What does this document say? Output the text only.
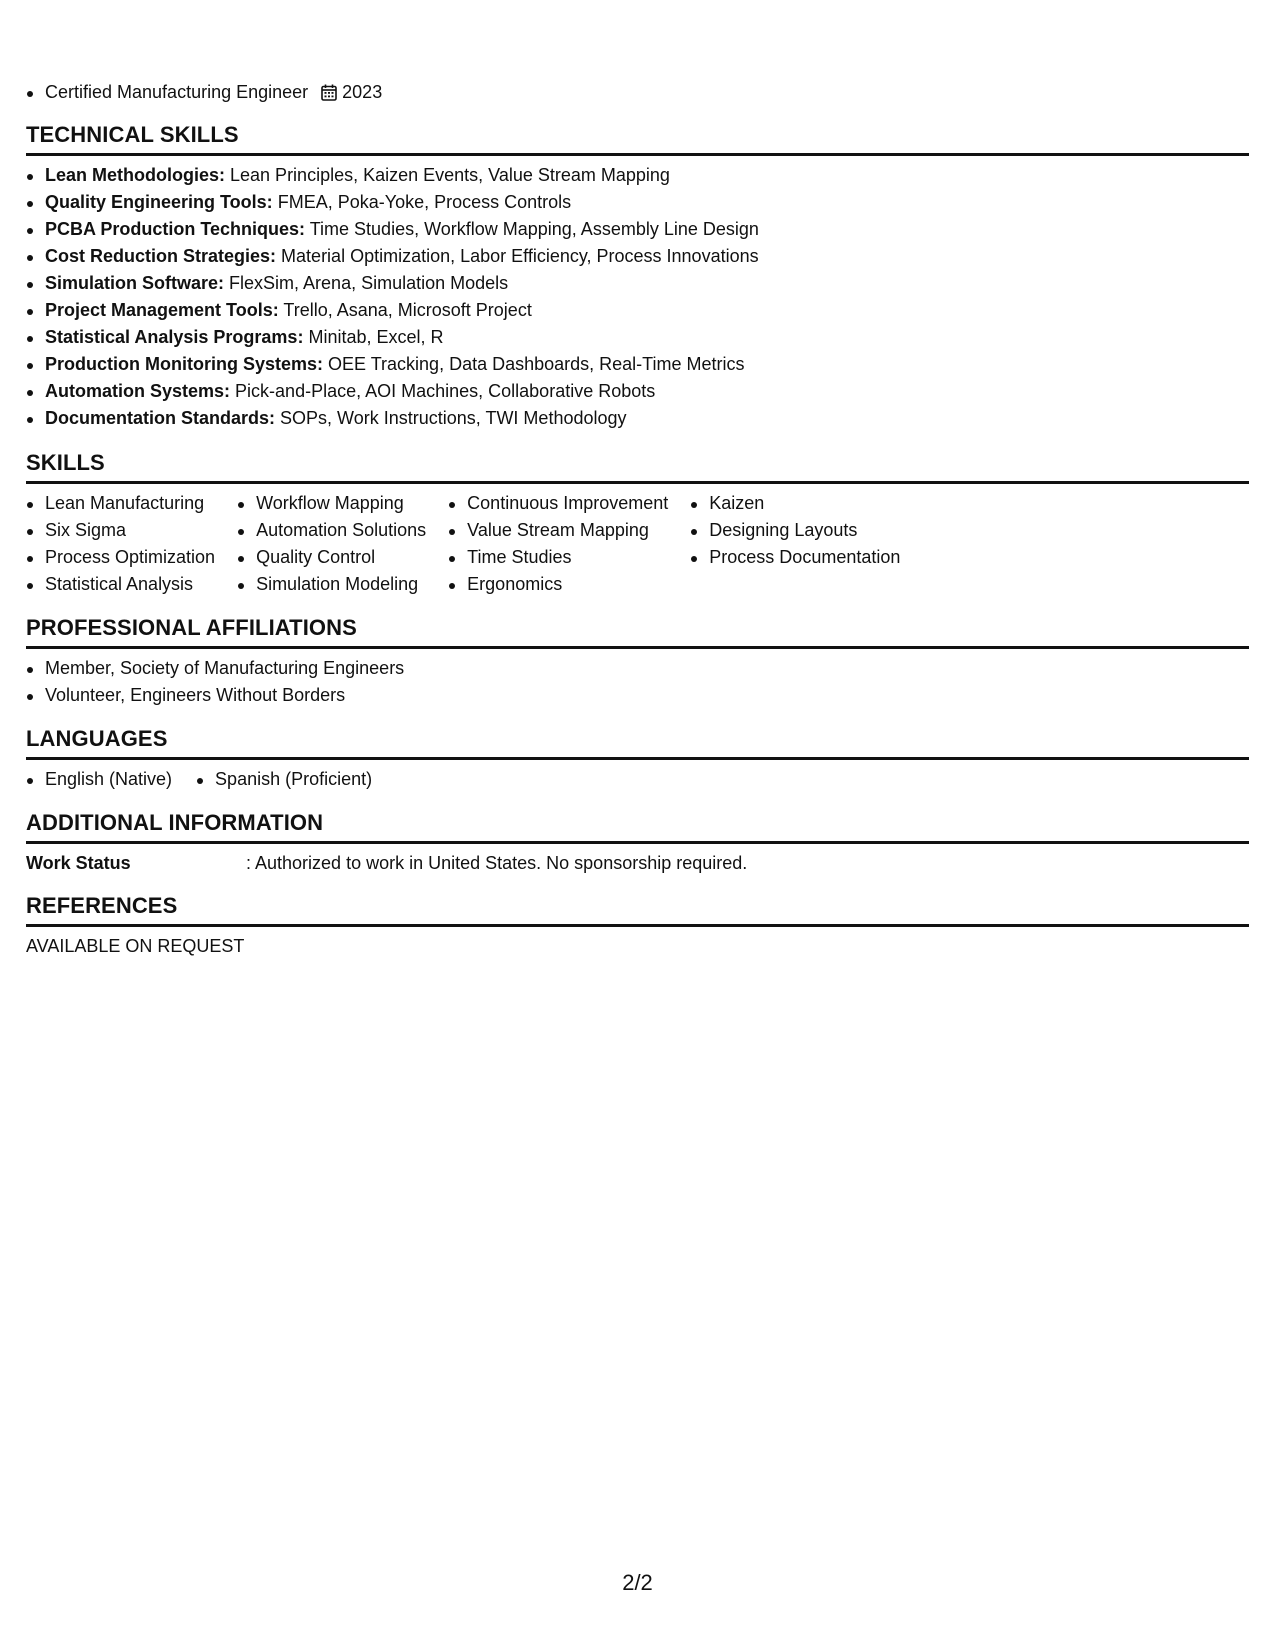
Certified Manufacturing Engineer 2023
TECHNICAL SKILLS
Lean Methodologies: Lean Principles, Kaizen Events, Value Stream Mapping
Quality Engineering Tools: FMEA, Poka-Yoke, Process Controls
PCBA Production Techniques: Time Studies, Workflow Mapping, Assembly Line Design
Cost Reduction Strategies: Material Optimization, Labor Efficiency, Process Innovations
Simulation Software: FlexSim, Arena, Simulation Models
Project Management Tools: Trello, Asana, Microsoft Project
Statistical Analysis Programs: Minitab, Excel, R
Production Monitoring Systems: OEE Tracking, Data Dashboards, Real-Time Metrics
Automation Systems: Pick-and-Place, AOI Machines, Collaborative Robots
Documentation Standards: SOPs, Work Instructions, TWI Methodology
SKILLS
Lean Manufacturing
Six Sigma
Process Optimization
Statistical Analysis
Workflow Mapping
Automation Solutions
Quality Control
Simulation Modeling
Continuous Improvement
Value Stream Mapping
Time Studies
Ergonomics
Kaizen
Designing Layouts
Process Documentation
PROFESSIONAL AFFILIATIONS
Member, Society of Manufacturing Engineers
Volunteer, Engineers Without Borders
LANGUAGES
English (Native)	Spanish (Proficient)
ADDITIONAL INFORMATION
Work Status	: Authorized to work in United States. No sponsorship required.
REFERENCES
AVAILABLE ON REQUEST
2/2
